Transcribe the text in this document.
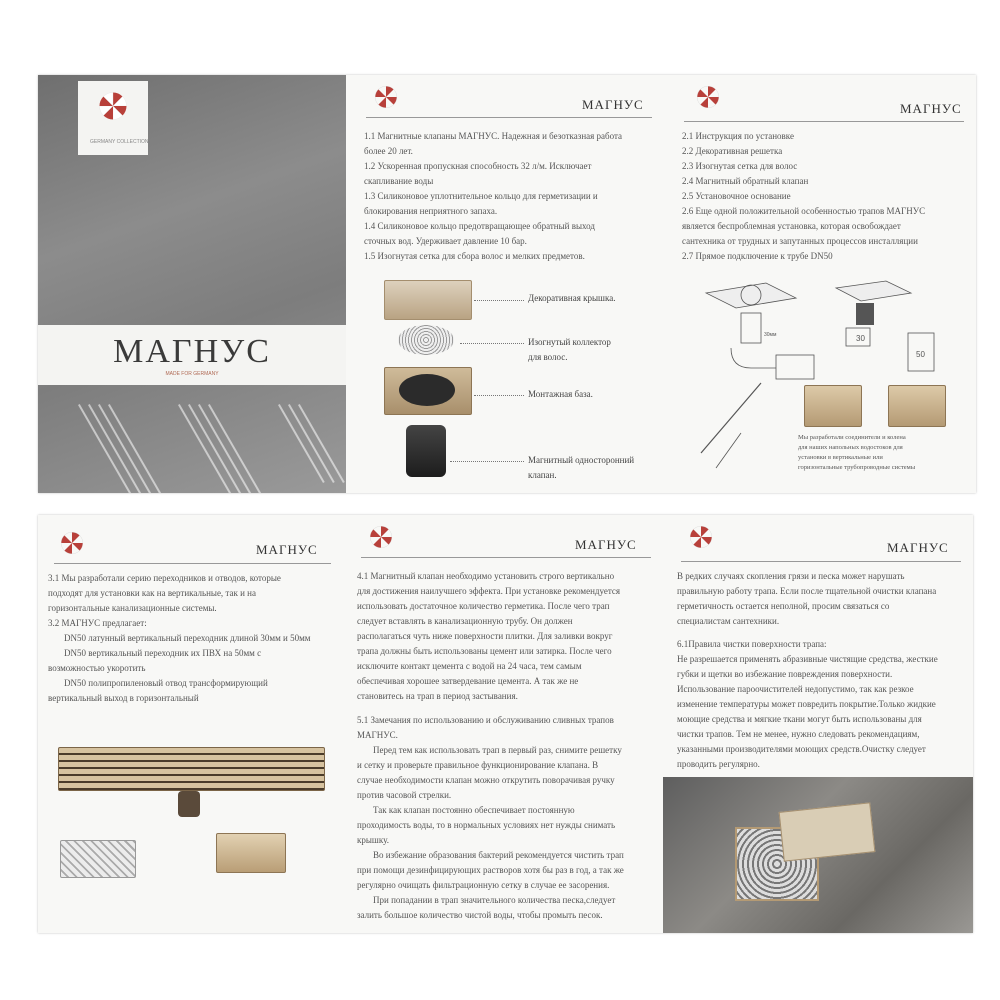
GERMANY COLLECTION
МАГНУС
MADE FOR GERMANY
МАГНУС

1.1 Магнитные клапаны МАГНУС. Надежная и безотказная работа

более 20 лет.

1.2 Ускоренная пропускная способность 32 л/м. Исключает

скапливание воды

1.3 Силиконовое уплотнительное кольцо для герметизации и

блокирования неприятного запаха.

1.4 Силиконовое кольцо предотвращающее обратный выход

сточных вод. Удерживает давление 10 бар.

1.5 Изогнутая сетка для сбора волос и мелких предметов.

Декоративная крышка.
Изогнутый коллектор
для волос.
Монтажная база.
Магнитный односторонний
клапан.
МАГНУС

2.1 Инструкция по установке

2.2 Декоративная решетка

2.3 Изогнутая сетка для волос

2.4 Магнитный обратный клапан

2.5 Установочное основание

2.6 Еще одной положительной особенностью трапов МАГНУС

является беспроблемная установка, которая освобождает

сантехника от трудных и запутанных процессов инсталляции

2.7 Прямое подключение к трубе DN50

30
50
30мм

Мы разработали соединители и колена

для наших напольных водостоков для

установки в вертикальные или

горизонтальные трубопроводные системы

МАГНУС

3.1 Мы разработали серию переходников и отводов, которые

подходят для установки как на вертикальные, так и на

горизонтальные канализационные системы.

3.2 МАГНУС предлагает:

DN50 латунный вертикальный переходник длиной 30мм и 50мм

DN50 вертикальный переходник их ПВХ на 50мм с

возможностью укоротить

DN50 полипропиленовый отвод трансформирующий

вертикальный выход в горизонтальный

МАГНУС

4.1 Магнитный клапан необходимо установить строго вертикально

для достижения наилучшего эффекта. При установке рекомендуется

использовать достаточное количество герметика. После чего трап

следует вставлять в канализационную трубу. Он должен

располагаться чуть ниже поверхности плитки. Для заливки вокруг

трапа должны быть использованы цемент или затирка. После чего

исключите контакт цемента с водой на 24 часа, тем самым

обеспечивая хорошее затвердевание цемента. А так же не

становитесь на трап в период застывания.

5.1 Замечания по использованию и обслуживанию сливных трапов

МАГНУС.

Перед тем как использовать трап в первый раз, снимите решетку

и сетку и проверьте правильное функционирование клапана. В

случае необходимости клапан можно открутить поворачивая ручку

против часовой стрелки.

Так как клапан постоянно обеспечивает постоянную

проходимость воды, то в нормальных условиях нет нужды снимать

крышку.

Во избежание образования бактерий рекомендуется чистить трап

при помощи дезинфицирующих растворов хотя бы раз в год, а так же

регулярно очищать фильтрационную сетку в случае ее засорения.

При попадании в трап значительного количества песка,следует

залить большое количество чистой воды, чтобы промыть песок.

МАГНУС

В редких случаях скопления грязи и песка может нарушать

правильную работу трапа. Если после тщательной очистки клапана

герметичность остается неполной, просим связаться со

специалистам сантехники.

6.1Правила чистки поверхности трапа:

Не разрешается применять абразивные чистящие средства, жесткие

губки и щетки во избежание повреждения поверхности.

Использование пароочистителей недопустимо, так как резкое

изменение температуры может повредить покрытие.Только жидкие

моющие средства и мягкие ткани могут быть использованы для

чистки трапов. Тем не менее, нужно следовать рекомендациям,

указанными производителями моющих средств.Очистку следует

проводить регулярно.
